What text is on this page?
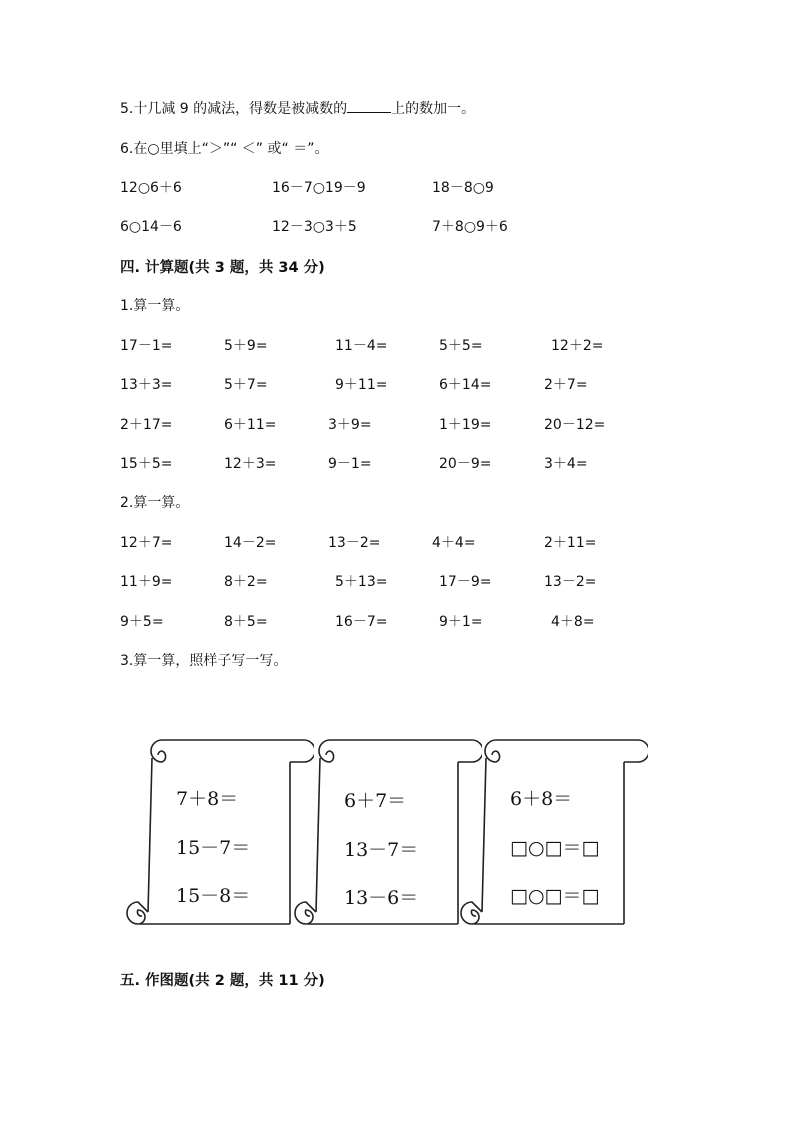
5.十几减 9 的减法，得数是被减数的	上的数加一。
6.在○里填上“＞”“ ＜” 或“ ＝”。
12○6＋6	16－7○19－9	18－8○9
6○14－6	12－3○3＋5	7＋8○9＋6
四. 计算题(共 3 题，共 34 分)
1.算一算。
17－1=	5＋9=	11－4=	5＋5=	12＋2=
13＋3=	5＋7=	9＋11=	6＋14=	2＋7=
2＋17=	6＋11=	3＋9=	1＋19=	20－12=
15＋5=	12＋3=	9－1=	20－9=	3＋4=
2.算一算。
12＋7=	14－2=	13－2=	4＋4=	2＋11=
11＋9=	8＋2=	5＋13=	17－9=	13－2=
9＋5=	8＋5=	16－7=	9＋1=	4＋8=
3.算一算，照样子写一写。
7＋8＝
15－7＝
15－8＝
6＋7＝
13－7＝
13－6＝
6＋8＝
□○□＝□
□○□＝□
五. 作图题(共 2 题，共 11 分)
